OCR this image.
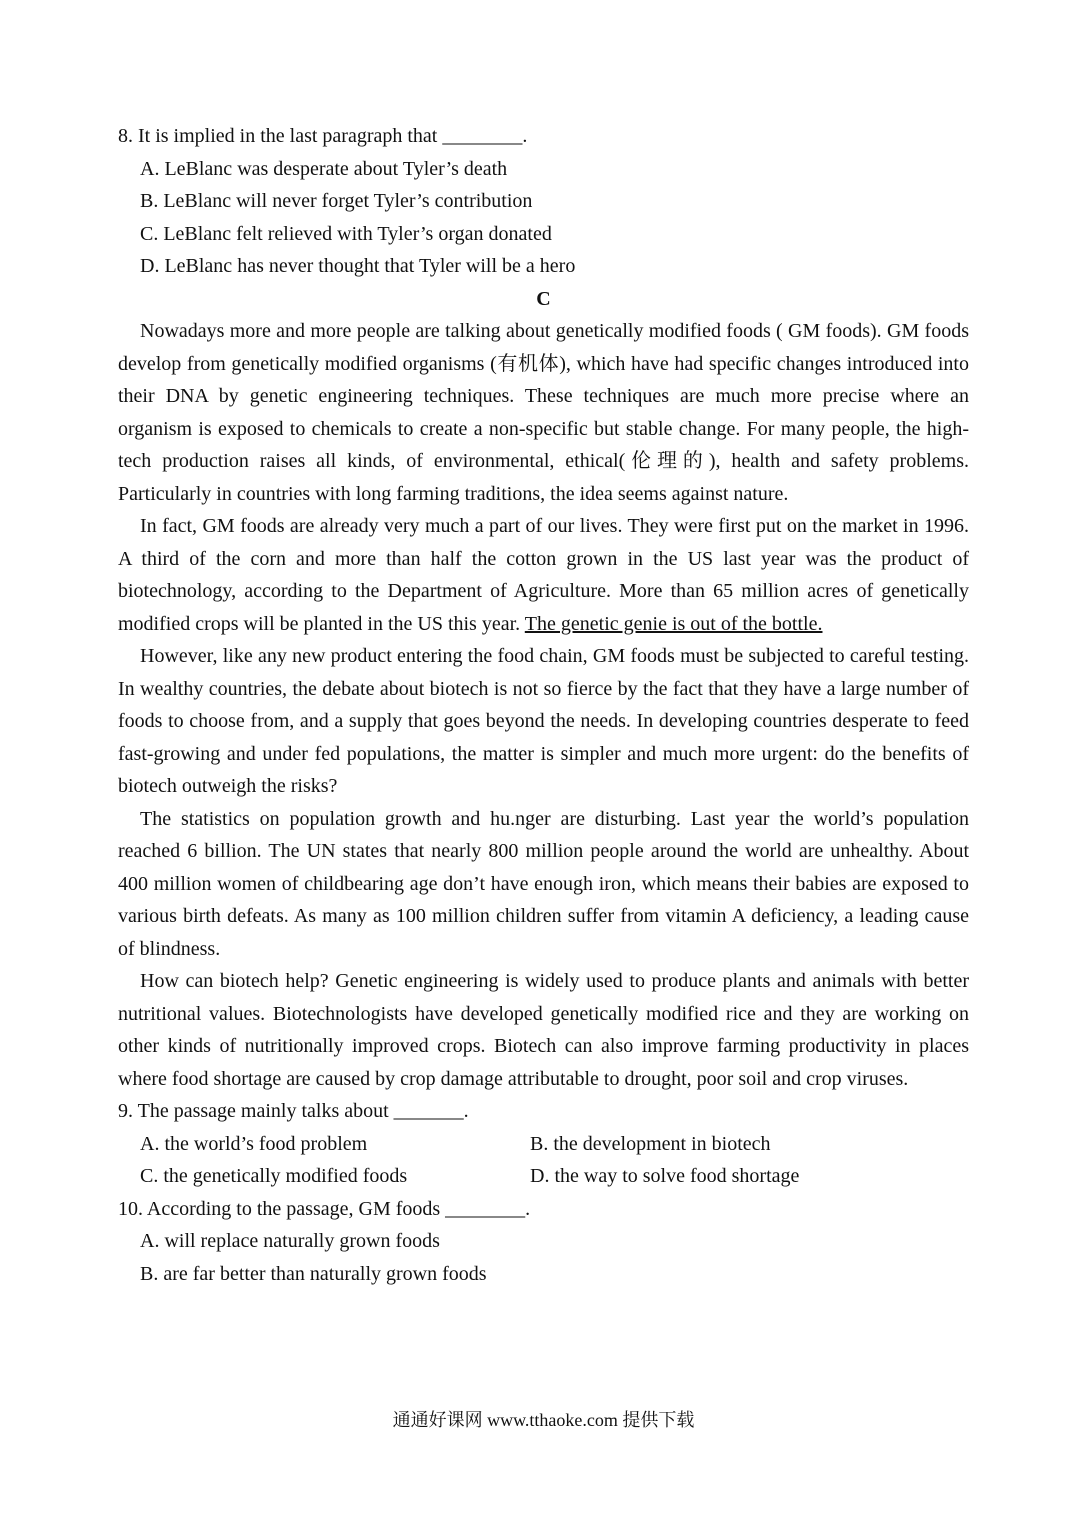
8. It is implied in the last paragraph that ________.

A. LeBlanc was desperate about Tyler’s death

B. LeBlanc will never forget Tyler’s contribution

C. LeBlanc felt relieved with Tyler’s organ donated

D. LeBlanc has never thought that Tyler will be a hero

C

Nowadays more and more people are talking about genetically modified foods ( GM foods). GM foods develop from genetically modified organisms (有机体), which have had specific changes introduced into their DNA by genetic engineering techniques. These techniques are much more precise where an organism is exposed to chemicals to create a non-specific but stable change. For many people, the high-tech production raises all kinds, of environmental, ethical(伦理的), health and safety problems. Particularly in countries with long farming traditions, the idea seems against nature.

In fact, GM foods are already very much a part of our lives. They were first put on the market in 1996. A third of the corn and more than half the cotton grown in the US last year was the product of biotechnology, according to the Department of Agriculture. More than 65 million acres of genetically modified crops will be planted in the US this year. The genetic genie is out of the bottle.

However, like any new product entering the food chain, GM foods must be subjected to careful testing. In wealthy countries, the debate about biotech is not so fierce by the fact that they have a large number of foods to choose from, and a supply that goes beyond the needs. In developing countries desperate to feed fast-growing and under fed populations, the matter is simpler and much more urgent: do the benefits of biotech outweigh the risks?

The statistics on population growth and hu.nger are disturbing. Last year the world’s population reached 6 billion. The UN states that nearly 800 million people around the world are unhealthy. About 400 million women of childbearing age don’t have enough iron, which means their babies are exposed to various birth defeats. As many as 100 million children suffer from vitamin A deficiency, a leading cause of blindness.

How can biotech help? Genetic engineering is widely used to produce plants and animals with better nutritional values. Biotechnologists have developed genetically modified rice and they are working on other kinds of nutritionally improved crops. Biotech can also improve farming productivity in places where food shortage are caused by crop damage attributable to drought, poor soil and crop viruses.

9. The passage mainly talks about _______.

A. the world’s food problem	B. the development in biotech
C. the genetically modified foods	D. the way to solve food shortage

10. According to the passage, GM foods ________.

A. will replace naturally grown foods

B. are far better than naturally grown foods

通通好课网 www.tthaoke.com 提供下载
